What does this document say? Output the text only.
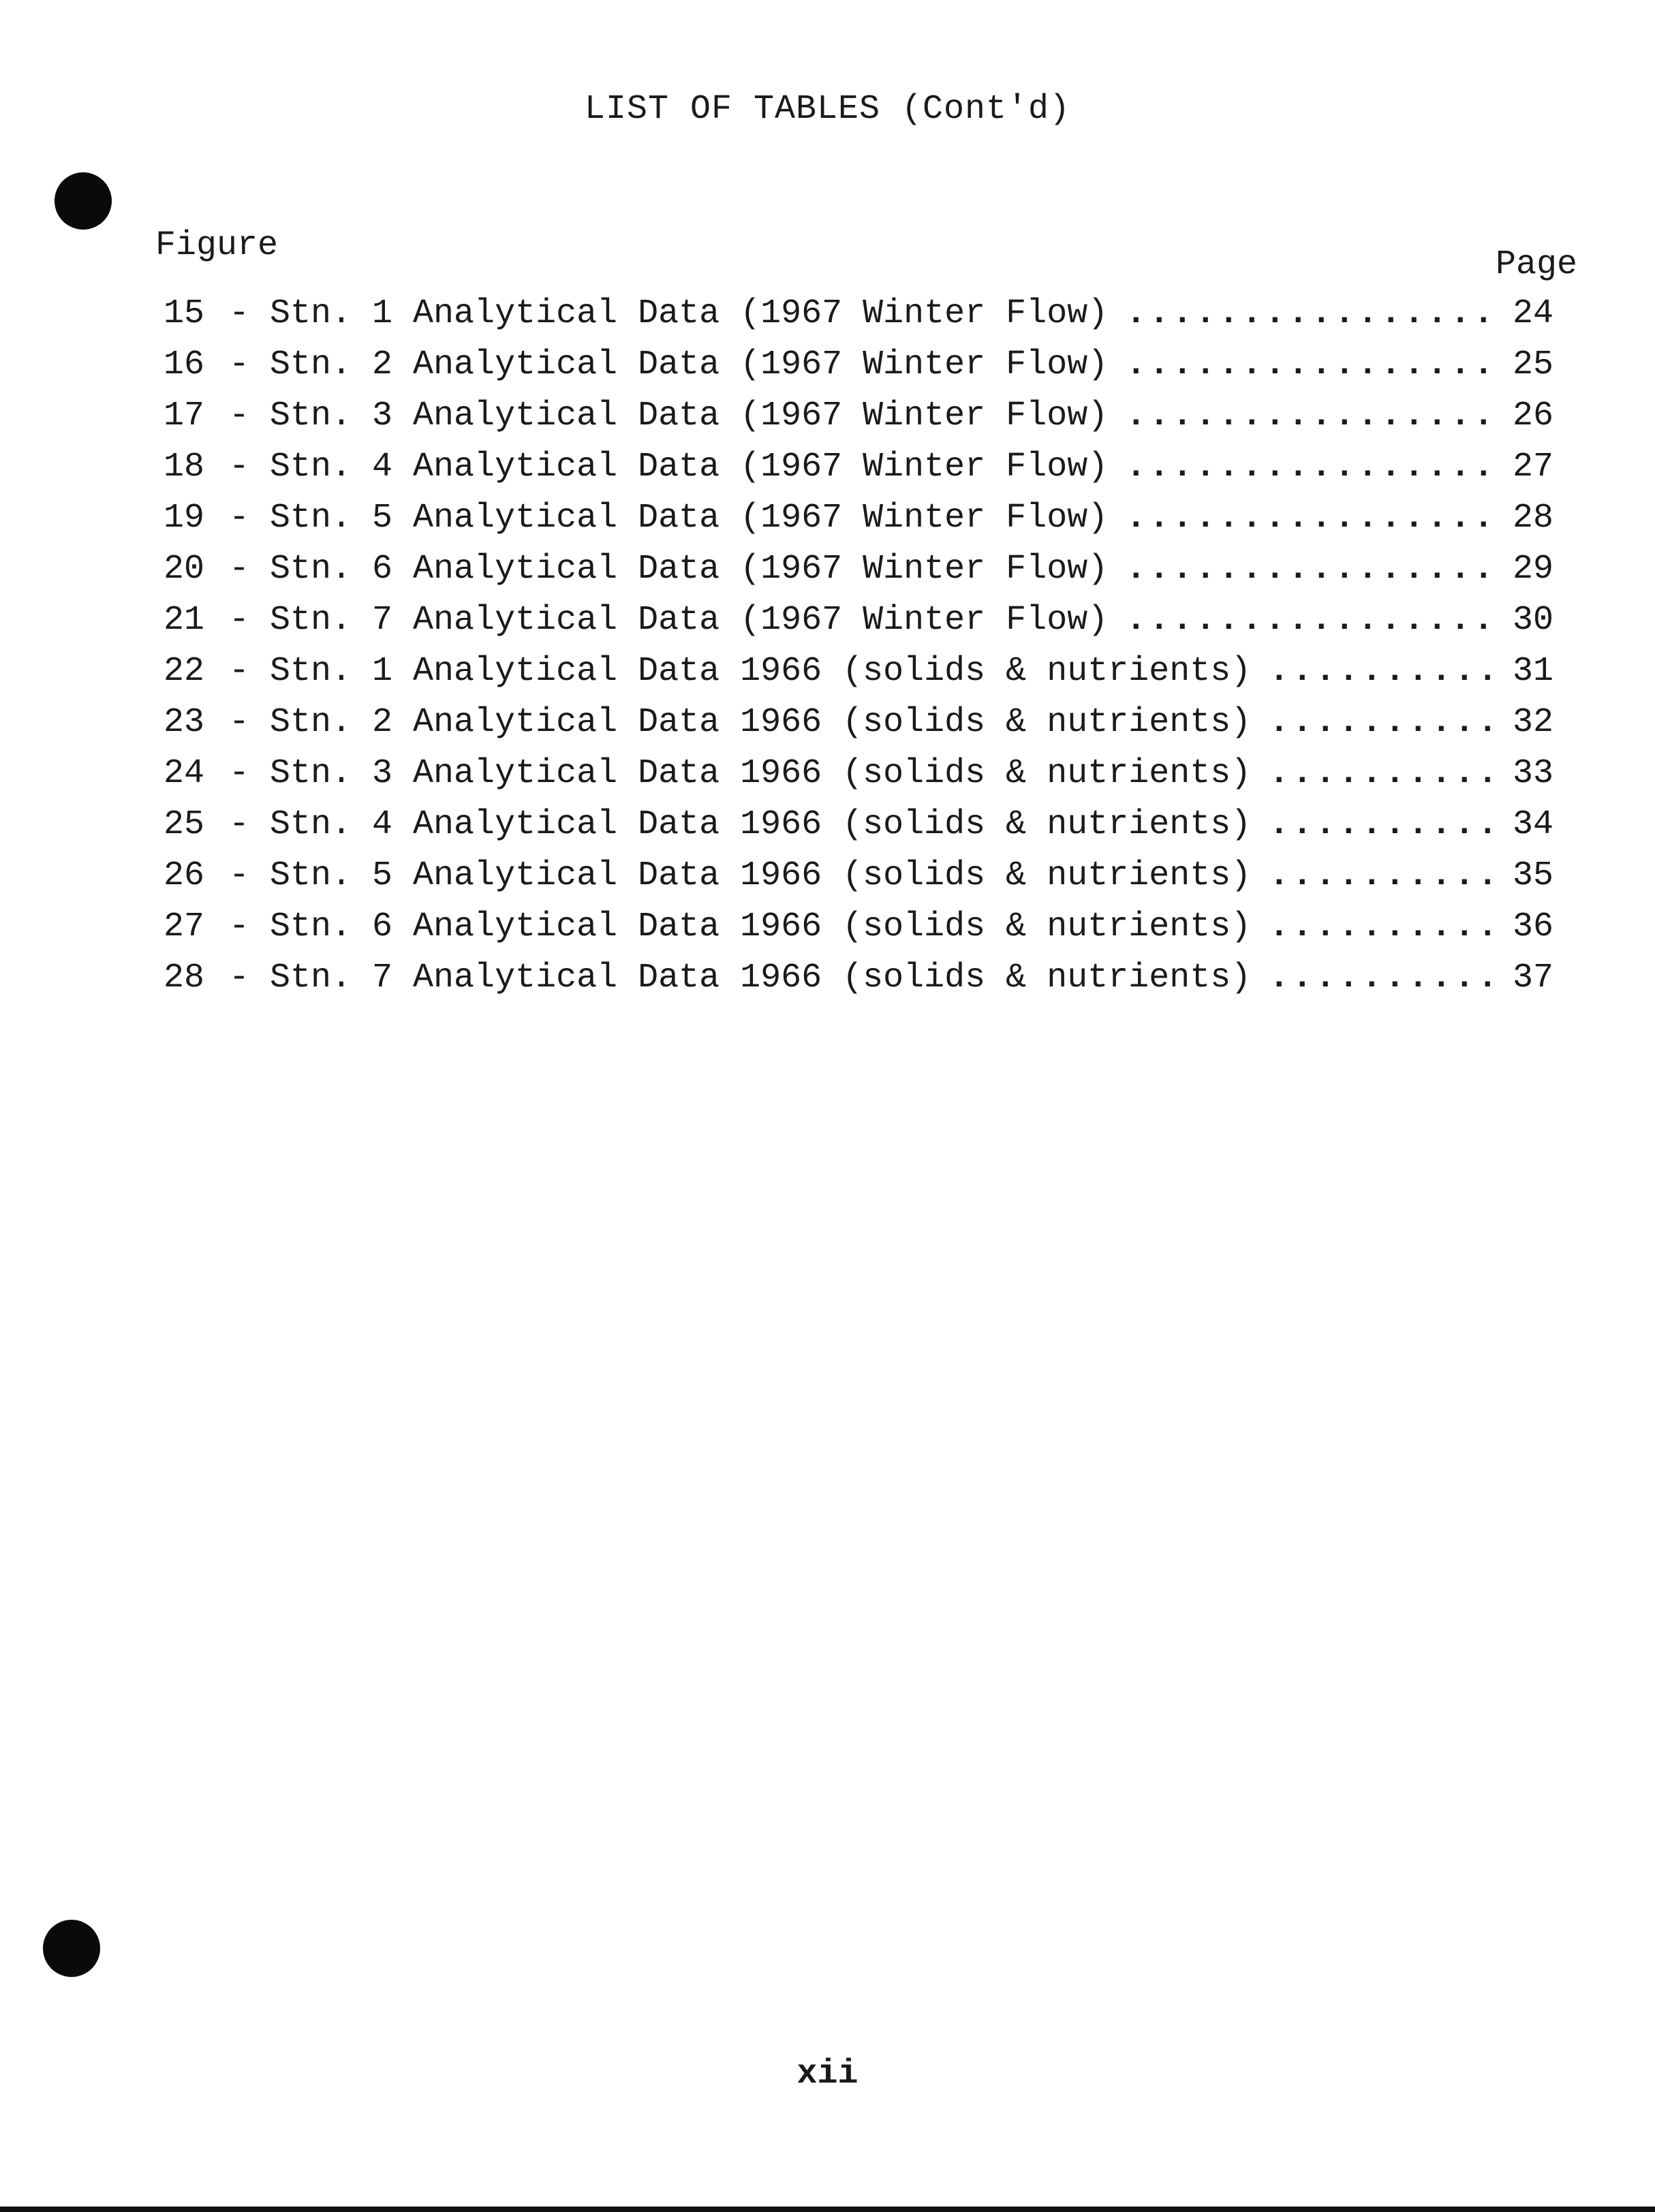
LIST OF TABLES (Cont'd)
Figure	Page
15 - Stn. 1 Analytical Data (1967 Winter Flow) .....	24
16 - Stn. 2 Analytical Data (1967 Winter Flow) .....	25
17 - Stn. 3 Analytical Data (1967 Winter Flow) .....	26
18 - Stn. 4 Analytical Data (1967 Winter Flow) .....	27
19 - Stn. 5 Analytical Data (1967 Winter Flow) .....	28
20 - Stn. 6 Analytical Data (1967 Winter Flow) .....	29
21 - Stn. 7 Analytical Data (1967 Winter Flow) .....	30
22 - Stn. 1 Analytical Data 1966 (solids & nutrients) .....	31
23 - Stn. 2 Analytical Data 1966 (solids & nutrients) .....	32
24 - Stn. 3 Analytical Data 1966 (solids & nutrients) .....	33
25 - Stn. 4 Analytical Data 1966 (solids & nutrients) .....	34
26 - Stn. 5 Analytical Data 1966 (solids & nutrients) .....	35
27 - Stn. 6 Analytical Data 1966 (solids & nutrients) .....	36
28 - Stn. 7 Analytical Data 1966 (solids & nutrients) .....	37
xii
